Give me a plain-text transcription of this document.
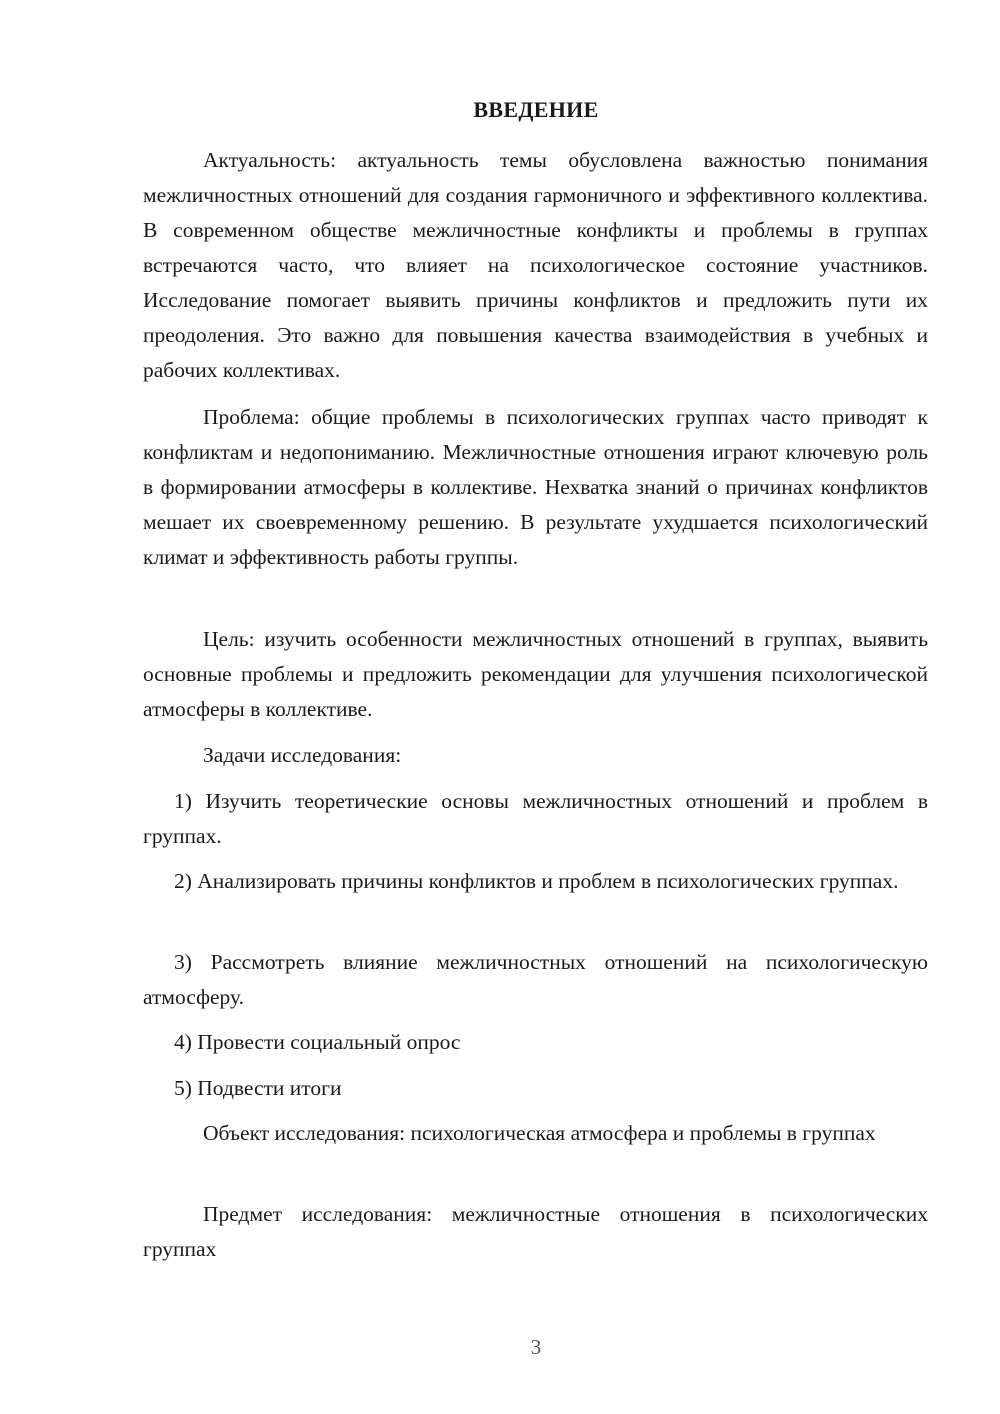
ВВЕДЕНИЕ

Актуальность: актуальность темы обусловлена важностью понимания межличностных отношений для создания гармоничного и эффективного коллектива. В современном обществе межличностные конфликты и проблемы в группах встречаются часто, что влияет на психологическое состояние участников. Исследование помогает выявить причины конфликтов и предложить пути их преодоления. Это важно для повышения качества взаимодействия в учебных и рабочих коллективах.

Проблема: общие проблемы в психологических группах часто приводят к конфликтам и недопониманию. Межличностные отношения играют ключевую роль в формировании атмосферы в коллективе. Нехватка знаний о причинах конфликтов мешает их своевременному решению. В результате ухудшается психологический климат и эффективность работы группы.

Цель: изучить особенности межличностных отношений в группах, выявить основные проблемы и предложить рекомендации для улучшения психологической атмосферы в коллективе.

Задачи исследования:

1) Изучить теоретические основы межличностных отношений и проблем в группах.

2) Анализировать причины конфликтов и проблем в психологических группах.

3) Рассмотреть влияние межличностных отношений на психологическую атмосферу.

4) Провести социальный опрос

5) Подвести итоги

Объект исследования: психологическая атмосфера и проблемы в группах

Предмет исследования: межличностные отношения в психологических группах

3
